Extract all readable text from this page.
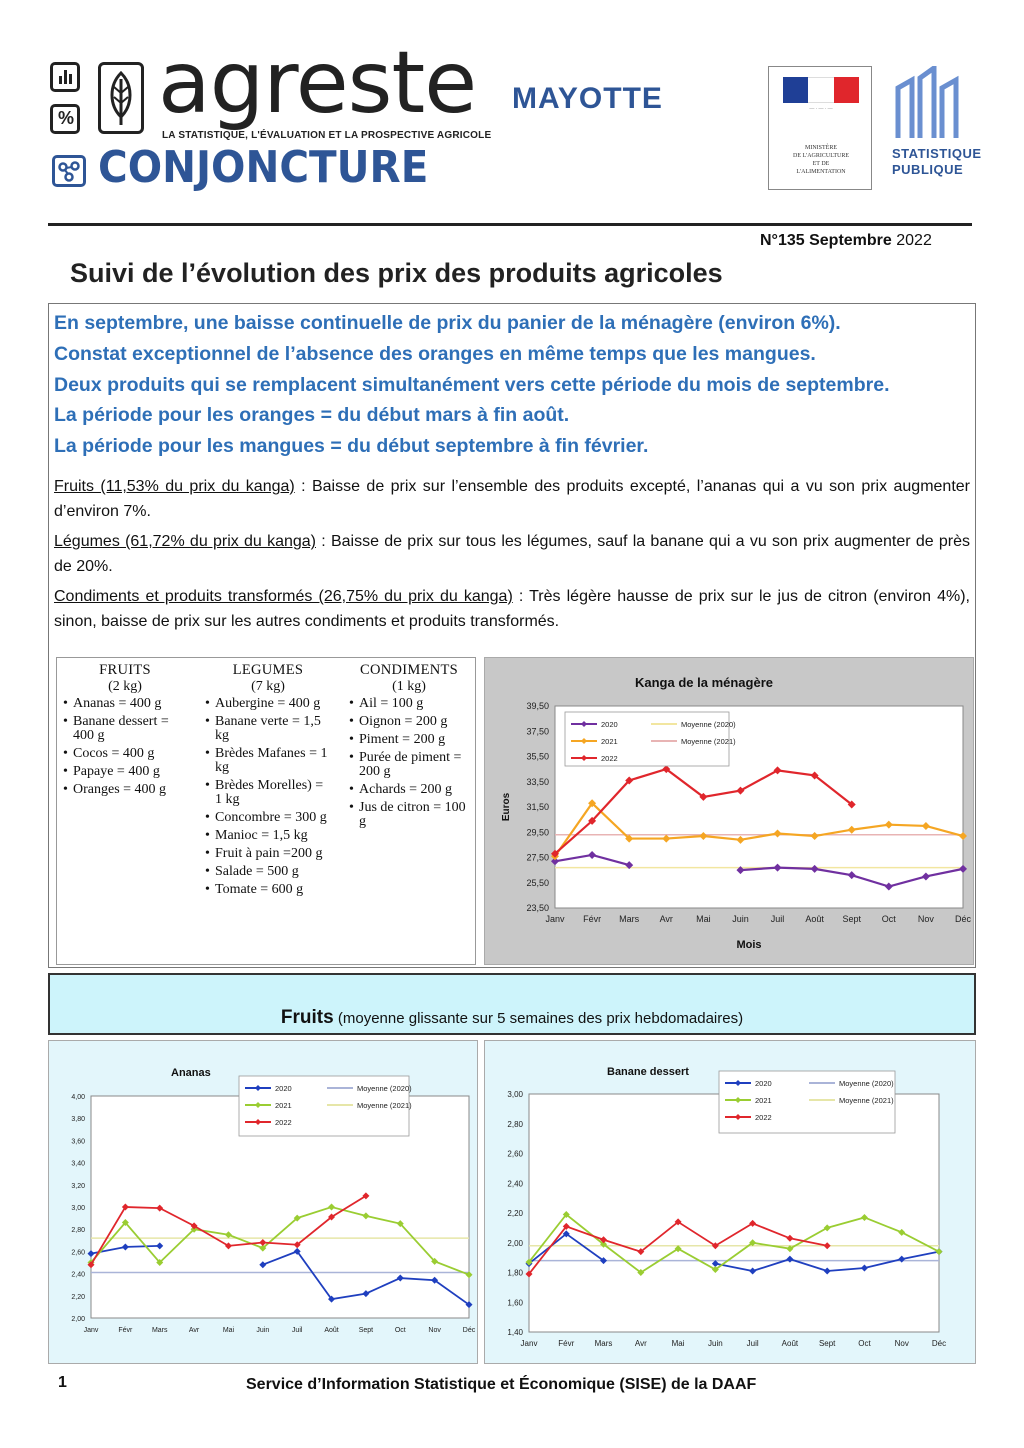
% agreste
LA STATISTIQUE, L'ÉVALUATION ET LA PROSPECTIVE AGRICOLE
CONJONCTURE
MAYOTTE	— · — · —
MINISTÈRE
DE L'AGRICULTURE
ET DE
L'ALIMENTATION
STATISTIQUE
PUBLIQUE
N°135 Septembre 2022
Suivi de l’évolution des prix des produits agricoles
En septembre, une baisse continuelle de prix du panier de la ménagère (environ 6%).
Constat exceptionnel de l’absence des oranges en même temps que les mangues.
Deux produits qui se remplacent simultanément vers cette période du mois de septembre.
La période pour les oranges = du début mars à fin août.
La période pour les mangues = du début septembre à fin février.
Fruits (11,53% du prix du kanga) : Baisse de prix sur l’ensemble des produits excepté, l’ananas qui a vu son prix augmenter d’environ 7%.
Légumes (61,72% du prix du kanga) : Baisse de prix sur tous les légumes, sauf la banane qui a vu son prix augmenter de près de 20%.
Condiments et produits transformés (26,75% du prix du kanga) : Très légère hausse de prix sur le jus de citron (environ 4%), sinon, baisse de prix sur les autres condiments et produits transformés.
FRUITS
(2 kg)
• Ananas = 400 g
• Banane dessert = 400 g
• Cocos = 400 g
• Papaye = 400 g
• Oranges = 400 g
LEGUMES
(7 kg)
• Aubergine = 400 g
• Banane verte = 1,5 kg
• Brèdes Mafanes = 1 kg
• Brèdes Morelles) = 1 kg
• Concombre = 300 g
• Manioc = 1,5 kg
• Fruit à pain =200 g
• Salade = 500 g
• Tomate = 600 g
CONDIMENTS
(1 kg)
• Ail = 100 g
• Oignon = 200 g
• Piment = 200 g
• Purée de piment = 200 g
• Achards = 200 g
• Jus de citron = 100 g
Kanga de la ménagère
23,50
25,50
27,50
29,50
31,50
33,50
35,50
37,50
39,50
Janv Févr Mars Avr	Mai Juin Juil Août Sept Oct Nov Déc
Euros
Mois
2020
2021
2022
Moyenne (2020)
Moyenne (2021)
Fruits (moyenne glissante sur 5 semaines des prix hebdomadaires)
Ananas
2,00
2,20
2,40
2,60
2,80
3,00
3,20
3,40
3,60
3,80
4,00
Janv	Févr	Mars	Avr	Mai	Juin	Juil	Août	Sept	Oct	Nov	Déc
2020
2021
2022
Moyenne (2020)
Moyenne (2021)
Banane dessert
1,40
1,60
1,80
2,00
2,20
2,40
2,60
2,80
3,00
Janv	Févr	Mars	Avr	Mai	Juin	Juil	Août	Sept	Oct	Nov	Déc
2020
2021
2022
Moyenne (2020)
Moyenne (2021)
1	Service d’Information Statistique et Économique (SISE) de la DAAF
